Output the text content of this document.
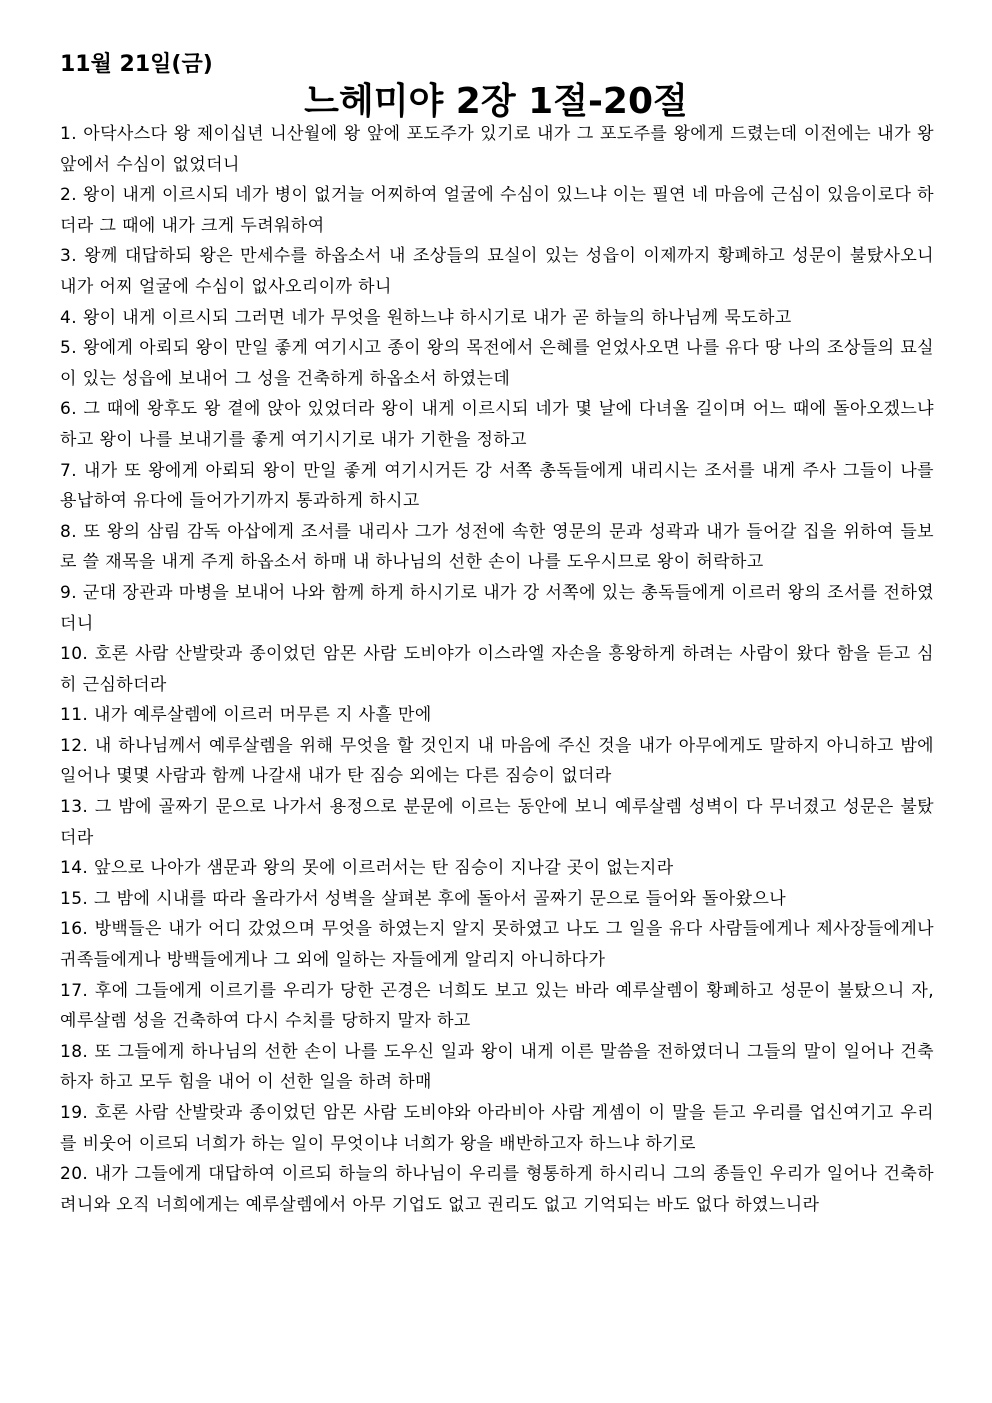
11월 21일(금)
느헤미야 2장 1절-20절
1. 아닥사스다 왕 제이십년 니산월에 왕 앞에 포도주가 있기로 내가 그 포도주를 왕에게 드렸는데 이전에는 내가 왕 앞에서 수심이 없었더니
2. 왕이 내게 이르시되 네가 병이 없거늘 어찌하여 얼굴에 수심이 있느냐 이는 필연 네 마음에 근심이 있음이로다 하더라 그 때에 내가 크게 두려워하여
3. 왕께 대답하되 왕은 만세수를 하옵소서 내 조상들의 묘실이 있는 성읍이 이제까지 황폐하고 성문이 불탔사오니 내가 어찌 얼굴에 수심이 없사오리이까 하니
4. 왕이 내게 이르시되 그러면 네가 무엇을 원하느냐 하시기로 내가 곧 하늘의 하나님께 묵도하고
5. 왕에게 아뢰되 왕이 만일 좋게 여기시고 종이 왕의 목전에서 은혜를 얻었사오면 나를 유다 땅 나의 조상들의 묘실이 있는 성읍에 보내어 그 성을 건축하게 하옵소서 하였는데
6. 그 때에 왕후도 왕 곁에 앉아 있었더라 왕이 내게 이르시되 네가 몇 날에 다녀올 길이며 어느 때에 돌아오겠느냐 하고 왕이 나를 보내기를 좋게 여기시기로 내가 기한을 정하고
7. 내가 또 왕에게 아뢰되 왕이 만일 좋게 여기시거든 강 서쪽 총독들에게 내리시는 조서를 내게 주사 그들이 나를 용납하여 유다에 들어가기까지 통과하게 하시고
8. 또 왕의 삼림 감독 아삽에게 조서를 내리사 그가 성전에 속한 영문의 문과 성곽과 내가 들어갈 집을 위하여 들보로 쓸 재목을 내게 주게 하옵소서 하매 내 하나님의 선한 손이 나를 도우시므로 왕이 허락하고
9. 군대 장관과 마병을 보내어 나와 함께 하게 하시기로 내가 강 서쪽에 있는 총독들에게 이르러 왕의 조서를 전하였더니
10. 호론 사람 산발랏과 종이었던 암몬 사람 도비야가 이스라엘 자손을 흥왕하게 하려는 사람이 왔다 함을 듣고 심히 근심하더라
11. 내가 예루살렘에 이르러 머무른 지 사흘 만에
12. 내 하나님께서 예루살렘을 위해 무엇을 할 것인지 내 마음에 주신 것을 내가 아무에게도 말하지 아니하고 밤에 일어나 몇몇 사람과 함께 나갈새 내가 탄 짐승 외에는 다른 짐승이 없더라
13. 그 밤에 골짜기 문으로 나가서 용정으로 분문에 이르는 동안에 보니 예루살렘 성벽이 다 무너졌고 성문은 불탔더라
14. 앞으로 나아가 샘문과 왕의 못에 이르러서는 탄 짐승이 지나갈 곳이 없는지라
15. 그 밤에 시내를 따라 올라가서 성벽을 살펴본 후에 돌아서 골짜기 문으로 들어와 돌아왔으나
16. 방백들은 내가 어디 갔었으며 무엇을 하였는지 알지 못하였고 나도 그 일을 유다 사람들에게나 제사장들에게나 귀족들에게나 방백들에게나 그 외에 일하는 자들에게 알리지 아니하다가
17. 후에 그들에게 이르기를 우리가 당한 곤경은 너희도 보고 있는 바라 예루살렘이 황폐하고 성문이 불탔으니 자, 예루살렘 성을 건축하여 다시 수치를 당하지 말자 하고
18. 또 그들에게 하나님의 선한 손이 나를 도우신 일과 왕이 내게 이른 말씀을 전하였더니 그들의 말이 일어나 건축하자 하고 모두 힘을 내어 이 선한 일을 하려 하매
19. 호론 사람 산발랏과 종이었던 암몬 사람 도비야와 아라비아 사람 게셈이 이 말을 듣고 우리를 업신여기고 우리를 비웃어 이르되 너희가 하는 일이 무엇이냐 너희가 왕을 배반하고자 하느냐 하기로
20. 내가 그들에게 대답하여 이르되 하늘의 하나님이 우리를 형통하게 하시리니 그의 종들인 우리가 일어나 건축하려니와 오직 너희에게는 예루살렘에서 아무 기업도 없고 권리도 없고 기억되는 바도 없다 하였느니라
